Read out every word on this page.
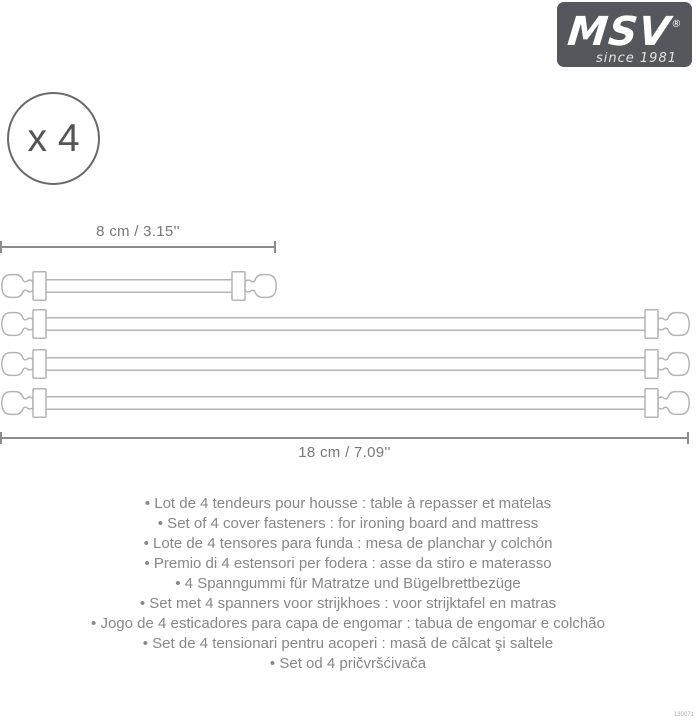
MSV®
since 1981
x 4
8 cm / 3.15''
18 cm / 7.09''
• Lot de 4 tendeurs pour housse : table à repasser et matelas
• Set of 4 cover fasteners : for ironing board and mattress
• Lote de 4 tensores para funda : mesa de planchar y colchón
• Premio di 4 estensori per fodera : asse da stiro e materasso
• 4 Spanngummi für Matratze und Bügelbrettbezüge
• Set met 4 spanners voor strijkhoes : voor strijktafel en matras
• Jogo de 4 esticadores para capa de engomar : tabua de engomar e colchão
• Set de 4 tensionari pentru acoperi : masă de călcat şi saltele
• Set od 4 pričvršćivača
130071
